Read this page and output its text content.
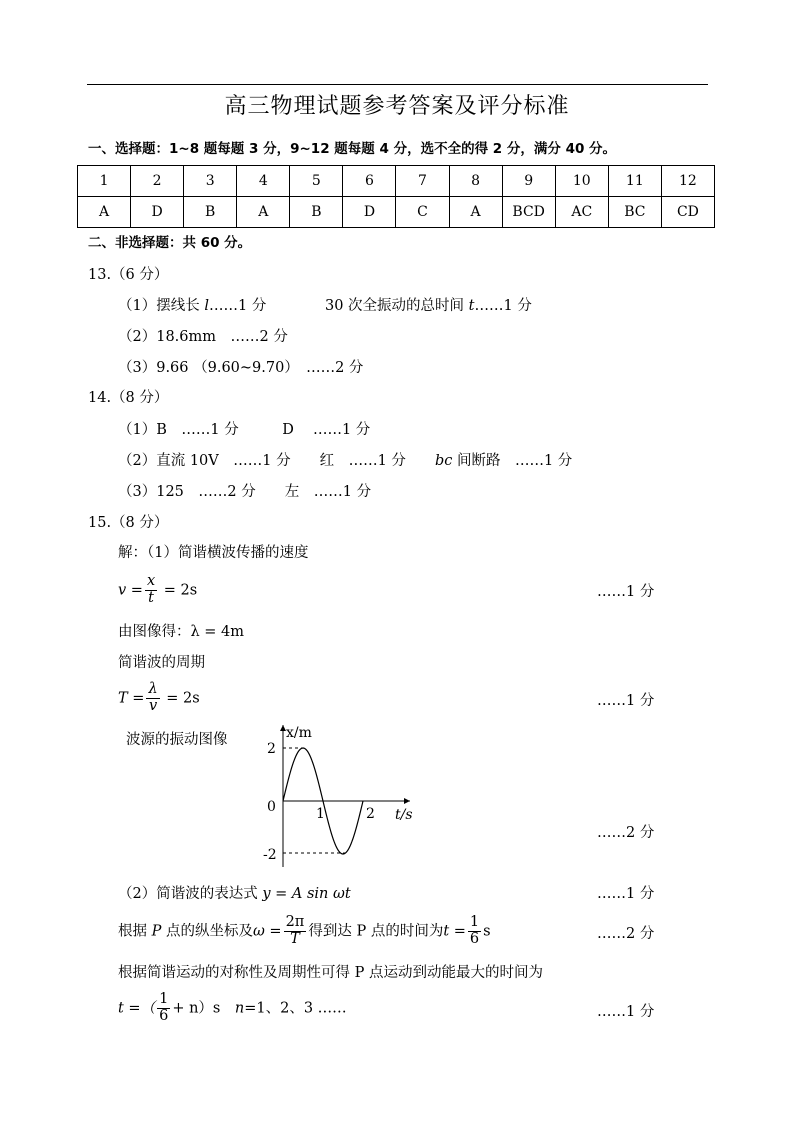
高三物理试题参考答案及评分标准
一、选择题：1~8 题每题 3 分，9~12 题每题 4 分，选不全的得 2 分，满分 40 分。
1	2	3	4	5	6	7	8	9	10	11	12
A	D	B	A	B	D	C	A	BCD	AC	BC	CD
二、非选择题：共 60 分。
13.（6 分）
（1）摆线长 l……1 分	30 次全振动的总时间 t……1 分
（2）18.6mm　……2 分
（3）9.66 （9.60~9.70）　……2 分
14.（8 分）
（1）B　……1 分　　　D　 ……1 分
（2）直流 10V　……1 分　　红　……1 分　　bc 间断路　……1 分
（3）125　……2 分　　左　……1 分
15.（8 分）
解：（1）简谐横波传播的速度
$v = \frac{x}{t} = 2s$	……1 分
由图像得：λ = 4m
简谐波的周期
$T = \frac{\lambda}{v} = 2s$	……1 分
波源的振动图像	x/m
2
0
-2
1	2 t/s
……2 分
（2）简谐波的表达式 y = A sin ωt	……1 分
根据 P 点的纵坐标及$\omega = \frac{2\pi}{T}$ 得到达 P 点的时间为$t = \frac{1}{6}$ s	……2 分
根据简谐运动的对称性及周期性可得 P 点运动到动能最大的时间为
t =（ $\frac{1}{6} + n)s$　n=1、2、3 ……	……1 分
